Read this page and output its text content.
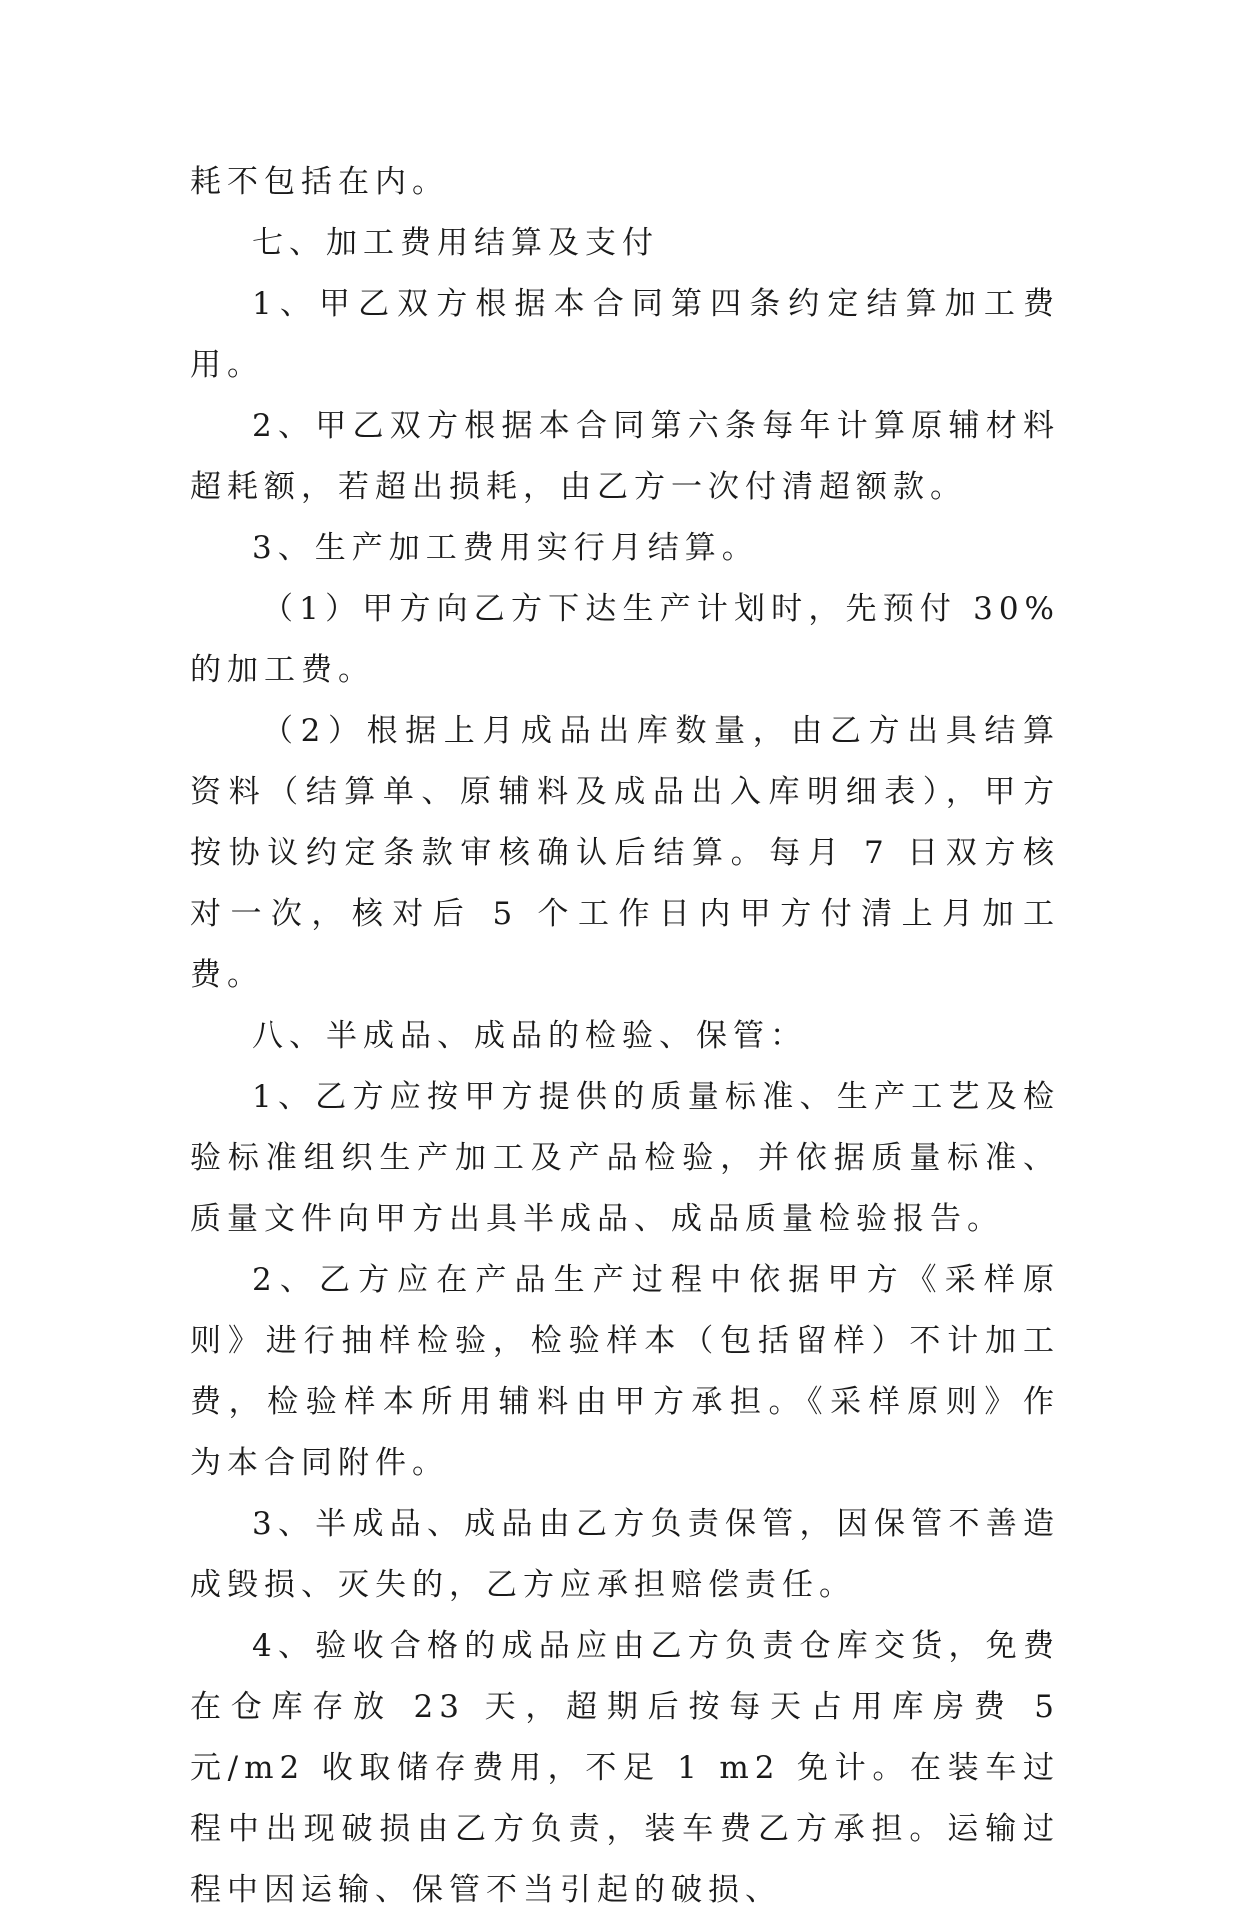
耗不包括在内。

七、加工费用结算及支付

1、甲乙双方根据本合同第四条约定结算加工费用。

2、甲乙双方根据本合同第六条每年计算原辅材料超耗额，若超出损耗，由乙方一次付清超额款。

3、生产加工费用实行月结算。

（1）甲方向乙方下达生产计划时，先预付 30%的加工费。

（2）根据上月成品出库数量，由乙方出具结算资料（结算单、原辅料及成品出入库明细表），甲方按协议约定条款审核确认后结算。每月 7 日双方核对一次，核对后 5 个工作日内甲方付清上月加工费。

八、半成品、成品的检验、保管：

1、乙方应按甲方提供的质量标准、生产工艺及检验标准组织生产加工及产品检验，并依据质量标准、质量文件向甲方出具半成品、成品质量检验报告。

2、乙方应在产品生产过程中依据甲方《采样原则》进行抽样检验，检验样本（包括留样）不计加工费，检验样本所用辅料由甲方承担。《采样原则》作为本合同附件。

3、半成品、成品由乙方负责保管，因保管不善造成毁损、灭失的，乙方应承担赔偿责任。

4、验收合格的成品应由乙方负责仓库交货，免费在仓库存放 23 天，超期后按每天占用库房费 5 元/m2 收取储存费用，不足 1 m2 免计。在装车过程中出现破损由乙方负责，装车费乙方承担。运输过程中因运输、保管不当引起的破损、
